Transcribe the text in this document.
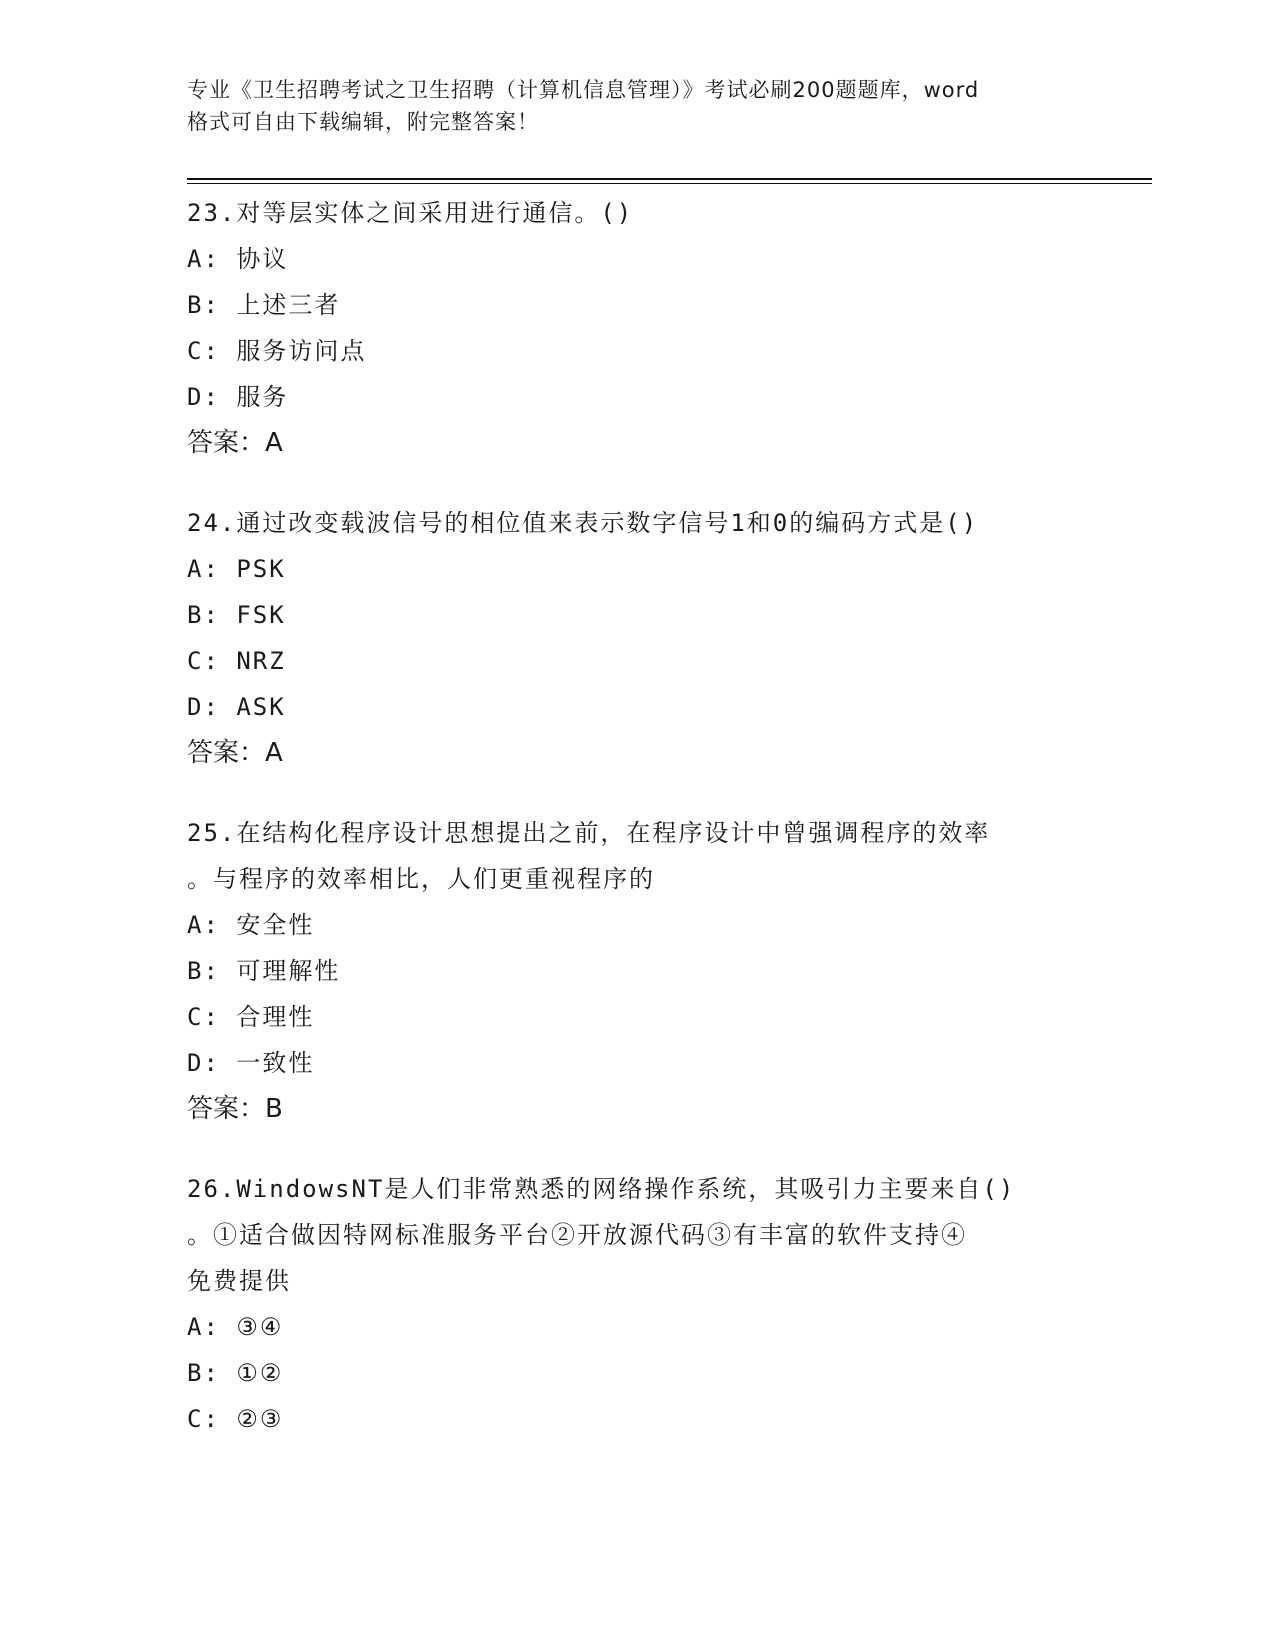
专业《卫生招聘考试之卫生招聘（计算机信息管理）》考试必刷200题题库，word
格式可自由下载编辑，附完整答案！
23.对等层实体之间采用进行通信。()
A: 协议
B: 上述三者
C: 服务访问点
D: 服务
答案：A
24.通过改变载波信号的相位值来表示数字信号1和0的编码方式是()
A: PSK
B: FSK
C: NRZ
D: ASK
答案：A
25.在结构化程序设计思想提出之前，在程序设计中曾强调程序的效率
。与程序的效率相比，人们更重视程序的
A: 安全性
B: 可理解性
C: 合理性
D: 一致性
答案：B
26.WindowsNT是人们非常熟悉的网络操作系统，其吸引力主要来自()
。①适合做因特网标准服务平台②开放源代码③有丰富的软件支持④
免费提供
A: ③④
B: ①②
C: ②③
